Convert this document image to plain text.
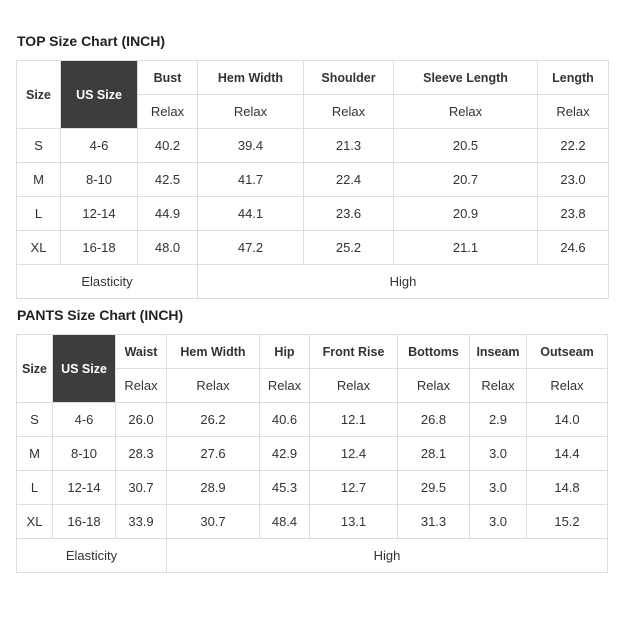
TOP Size Chart (INCH)
Size	US Size	Bust	Hem Width	Shoulder	Sleeve Length	Length
		Relax	Relax	Relax	Relax	Relax
S	4-6	40.2	39.4	21.3	20.5	22.2
M	8-10	42.5	41.7	22.4	20.7	23.0
L	12-14	44.9	44.1	23.6	20.9	23.8
XL	16-18	48.0	47.2	25.2	21.1	24.6
Elasticity			High			
PANTS Size Chart (INCH)
Size	US Size	Waist	Hem Width	Hip	Front Rise	Bottoms	Inseam	Outseam
		Relax	Relax	Relax	Relax	Relax	Relax	Relax
S	4-6	26.0	26.2	40.6	12.1	26.8	2.9	14.0
M	8-10	28.3	27.6	42.9	12.4	28.1	3.0	14.4
L	12-14	30.7	28.9	45.3	12.7	29.5	3.0	14.8
XL	16-18	33.9	30.7	48.4	13.1	31.3	3.0	15.2
Elasticity			High					
